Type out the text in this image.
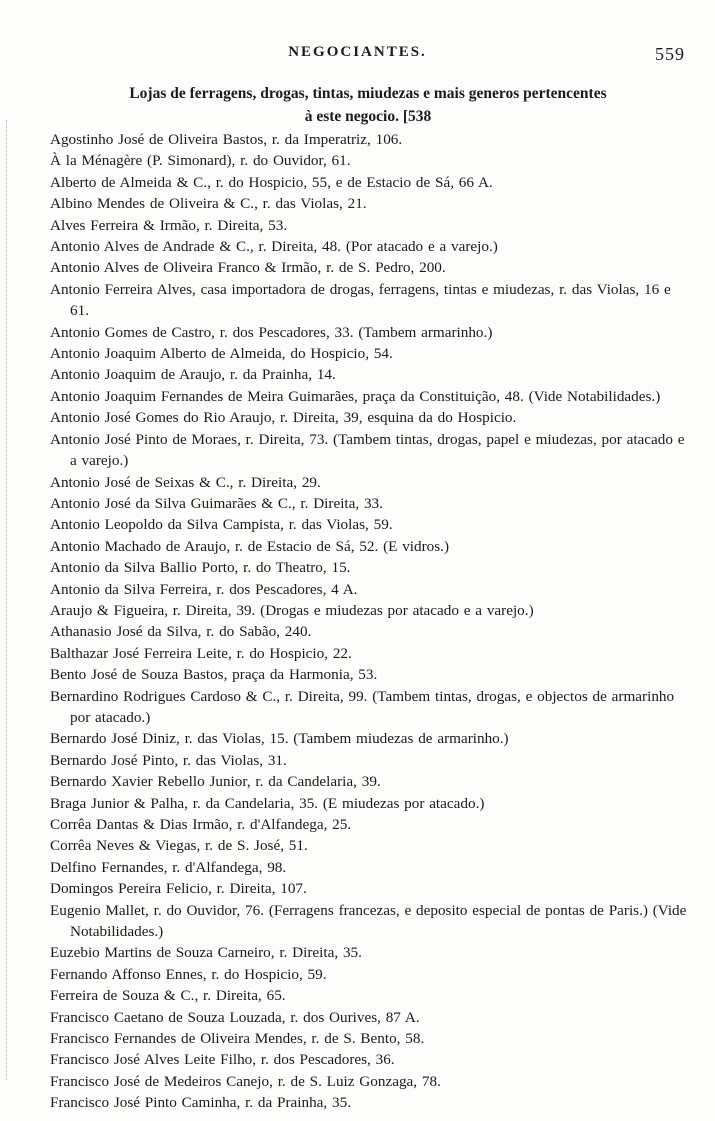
NEGOCIANTES.	559
Lojas de ferragens, drogas, tintas, miudezas e mais generos pertencentes
à este negocio. [538
Agostinho José de Oliveira Bastos, r. da Imperatriz, 106.
À la Ménagère (P. Simonard), r. do Ouvidor, 61.
Alberto de Almeida & C., r. do Hospicio, 55, e de Estacio de Sá, 66 A.
Albino Mendes de Oliveira & C., r. das Violas, 21.
Alves Ferreira & Irmão, r. Direita, 53.
Antonio Alves de Andrade & C., r. Direita, 48. (Por atacado e a varejo.)
Antonio Alves de Oliveira Franco & Irmão, r. de S. Pedro, 200.
Antonio Ferreira Alves, casa importadora de drogas, ferragens, tintas e miudezas, r. das Violas, 16 e 61.
Antonio Gomes de Castro, r. dos Pescadores, 33. (Tambem armarinho.)
Antonio Joaquim Alberto de Almeida, do Hospicio, 54.
Antonio Joaquim de Araujo, r. da Prainha, 14.
Antonio Joaquim Fernandes de Meira Guimarães, praça da Constituição, 48. (Vide Notabilidades.)
Antonio José Gomes do Rio Araujo, r. Direita, 39, esquina da do Hospicio.
Antonio José Pinto de Moraes, r. Direita, 73. (Tambem tintas, drogas, papel e miudezas, por atacado e a varejo.)
Antonio José de Seixas & C., r. Direita, 29.
Antonio José da Silva Guimarães & C., r. Direita, 33.
Antonio Leopoldo da Silva Campista, r. das Violas, 59.
Antonio Machado de Araujo, r. de Estacio de Sá, 52. (E vidros.)
Antonio da Silva Ballio Porto, r. do Theatro, 15.
Antonio da Silva Ferreira, r. dos Pescadores, 4 A.
Araujo & Figueira, r. Direita, 39. (Drogas e miudezas por atacado e a varejo.)
Athanasio José da Silva, r. do Sabão, 240.
Balthazar José Ferreira Leite, r. do Hospicio, 22.
Bento José de Souza Bastos, praça da Harmonia, 53.
Bernardino Rodrigues Cardoso & C., r. Direita, 99. (Tambem tintas, drogas, e objectos de armarinho por atacado.)
Bernardo José Diniz, r. das Violas, 15. (Tambem miudezas de armarinho.)
Bernardo José Pinto, r. das Violas, 31.
Bernardo Xavier Rebello Junior, r. da Candelaria, 39.
Braga Junior & Palha, r. da Candelaria, 35. (E miudezas por atacado.)
Corrêa Dantas & Dias Irmão, r. d'Alfandega, 25.
Corrêa Neves & Viegas, r. de S. José, 51.
Delfino Fernandes, r. d'Alfandega, 98.
Domingos Pereira Felicio, r. Direita, 107.
Eugenio Mallet, r. do Ouvidor, 76. (Ferragens francezas, e deposito especial de pontas de Paris.) (Vide Notabilidades.)
Euzebio Martins de Souza Carneiro, r. Direita, 35.
Fernando Affonso Ennes, r. do Hospicio, 59.
Ferreira de Souza & C., r. Direita, 65.
Francisco Caetano de Souza Louzada, r. dos Ourives, 87 A.
Francisco Fernandes de Oliveira Mendes, r. de S. Bento, 58.
Francisco José Alves Leite Filho, r. dos Pescadores, 36.
Francisco José de Medeiros Canejo, r. de S. Luiz Gonzaga, 78.
Francisco José Pinto Caminha, r. da Prainha, 35.
